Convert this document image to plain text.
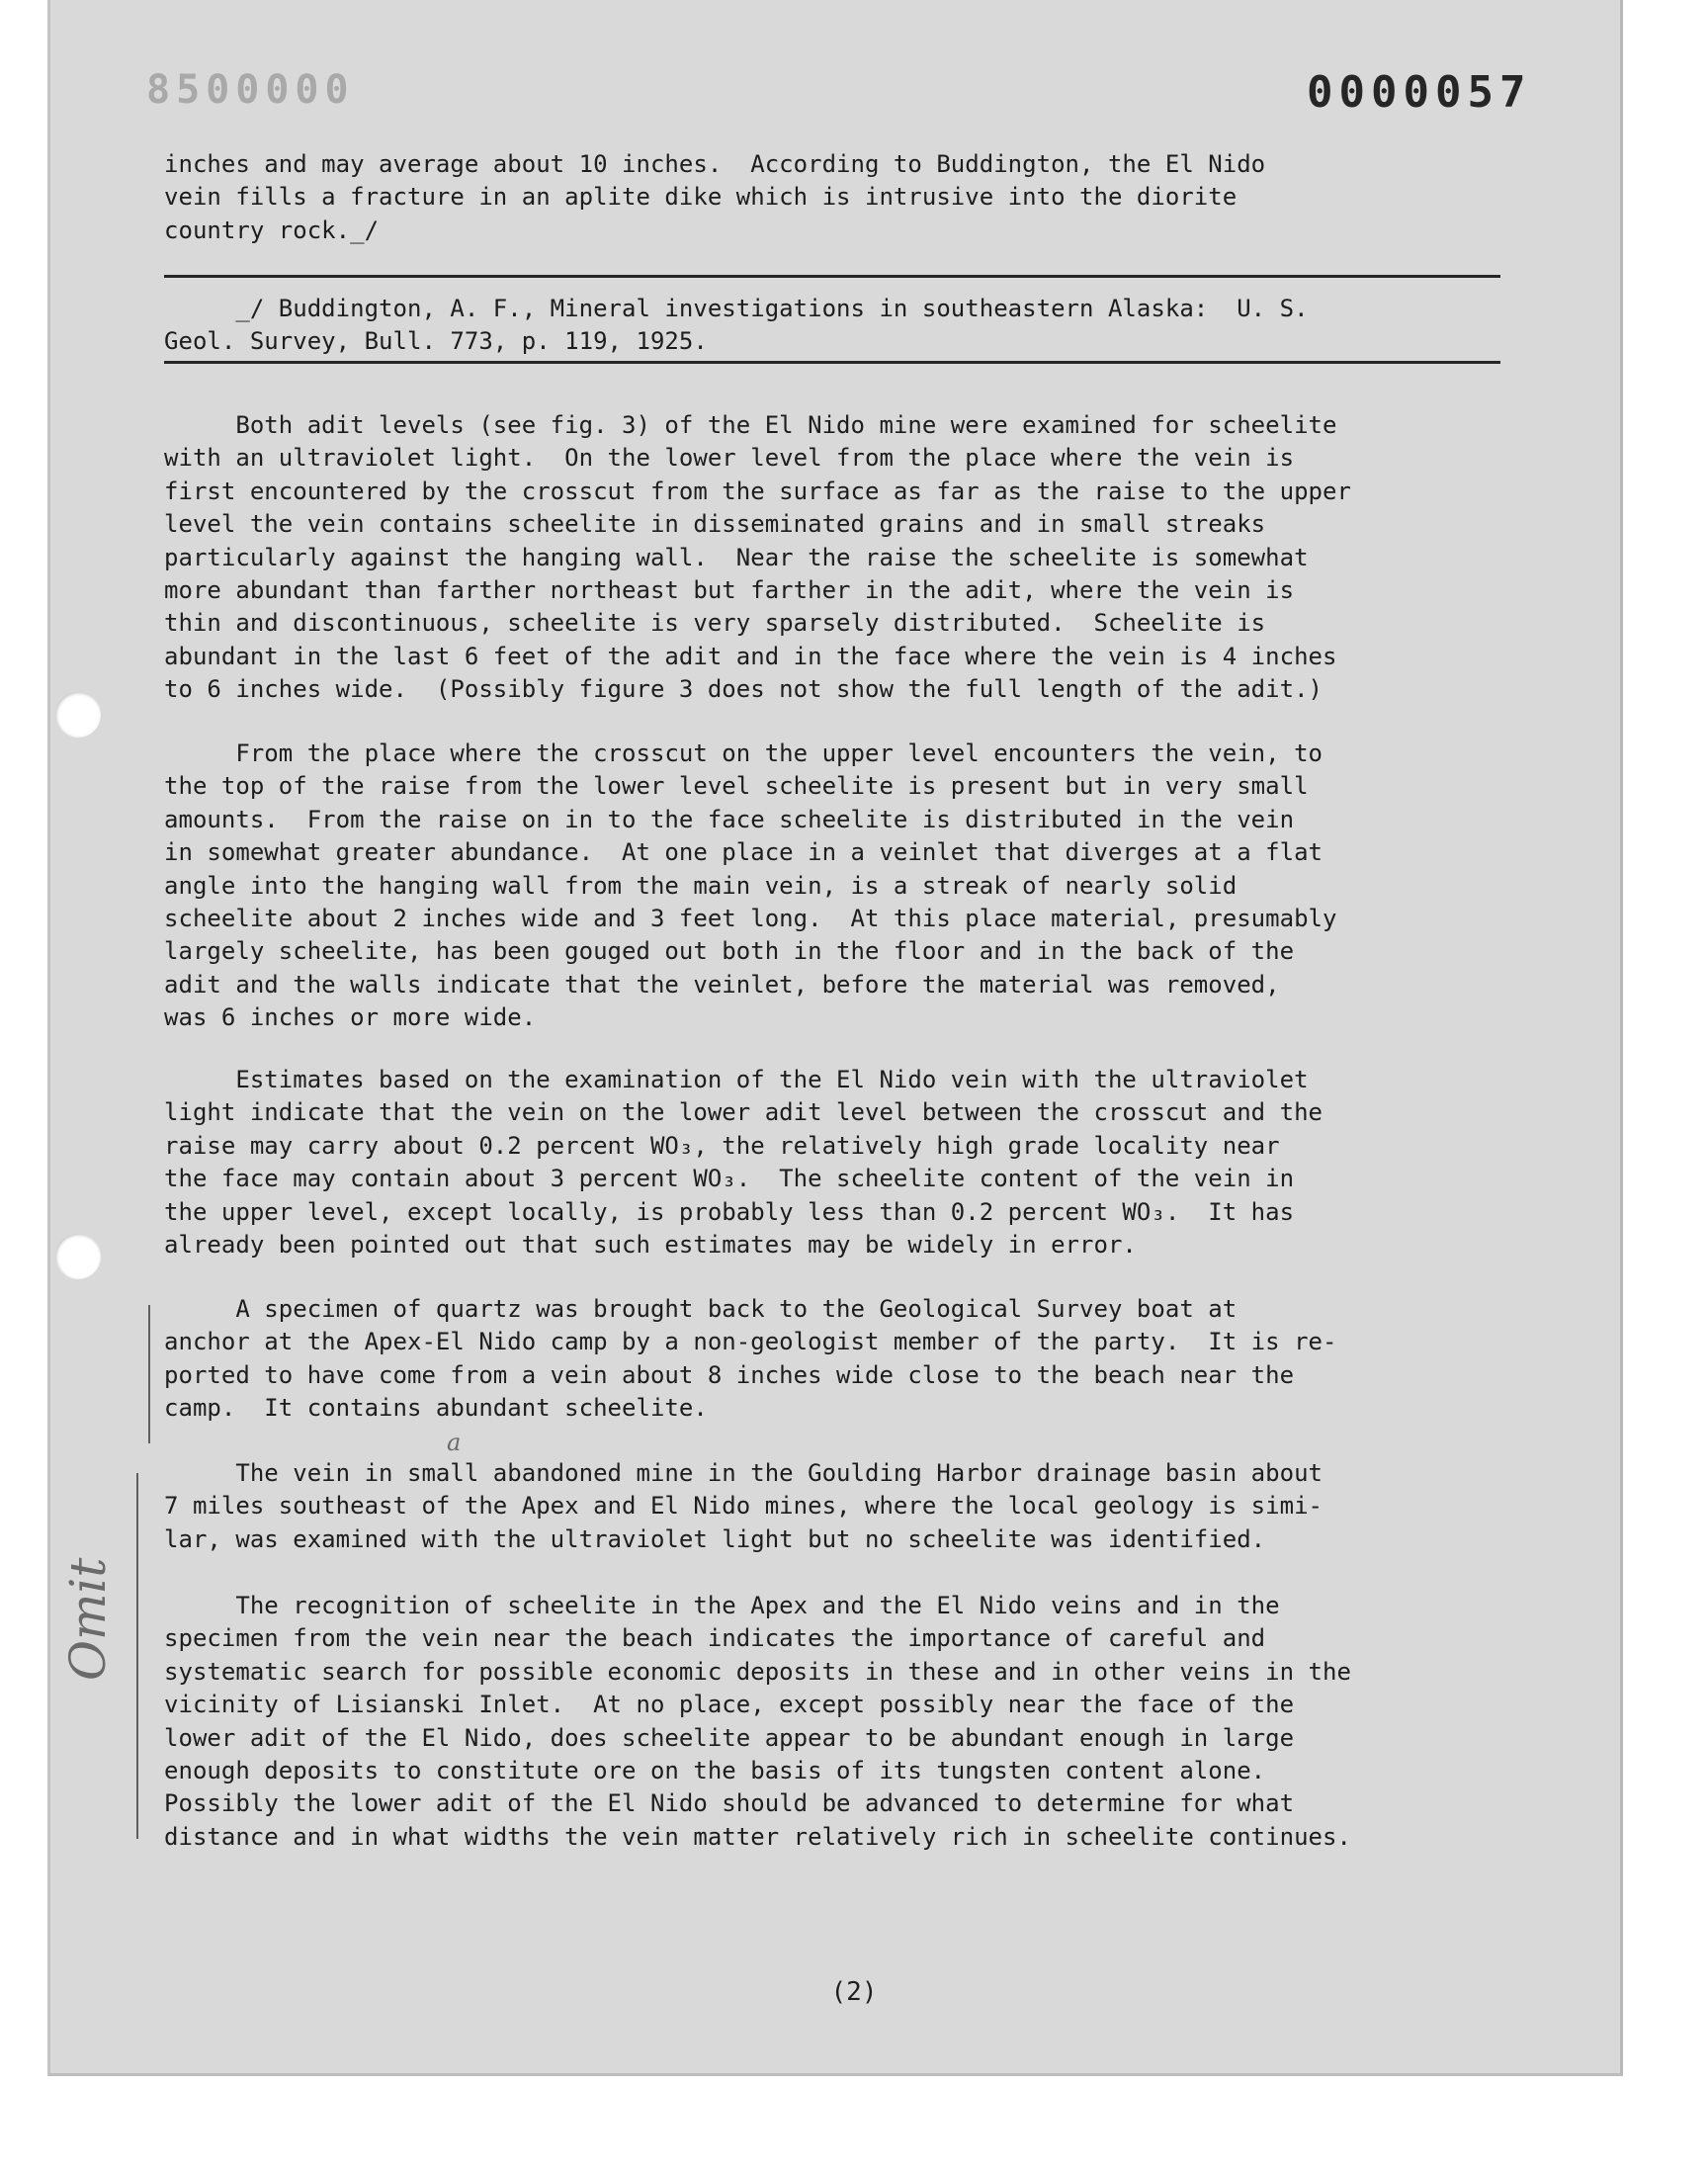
8500000	0000057

inches and may average about 10 inches.  According to Buddington, the El Nido
vein fills a fracture in an aplite dike which is intrusive into the diorite
country rock._/

_/ Buddington, A. F., Mineral investigations in southeastern Alaska:  U. S.
Geol. Survey, Bull. 773, p. 119, 1925.

Both adit levels (see fig. 3) of the El Nido mine were examined for scheelite
with an ultraviolet light.  On the lower level from the place where the vein is
first encountered by the crosscut from the surface as far as the raise to the upper
level the vein contains scheelite in disseminated grains and in small streaks
particularly against the hanging wall.  Near the raise the scheelite is somewhat
more abundant than farther northeast but farther in the adit, where the vein is
thin and discontinuous, scheelite is very sparsely distributed.  Scheelite is
abundant in the last 6 feet of the adit and in the face where the vein is 4 inches
to 6 inches wide.  (Possibly figure 3 does not show the full length of the adit.)

From the place where the crosscut on the upper level encounters the vein, to
the top of the raise from the lower level scheelite is present but in very small
amounts.  From the raise on in to the face scheelite is distributed in the vein
in somewhat greater abundance.  At one place in a veinlet that diverges at a flat
angle into the hanging wall from the main vein, is a streak of nearly solid
scheelite about 2 inches wide and 3 feet long.  At this place material, presumably
largely scheelite, has been gouged out both in the floor and in the back of the
adit and the walls indicate that the veinlet, before the material was removed,
was 6 inches or more wide.

Estimates based on the examination of the El Nido vein with the ultraviolet
light indicate that the vein on the lower adit level between the crosscut and the
raise may carry about 0.2 percent WO₃, the relatively high grade locality near
the face may contain about 3 percent WO₃.  The scheelite content of the vein in
the upper level, except locally, is probably less than 0.2 percent WO₃.  It has
already been pointed out that such estimates may be widely in error.

A specimen of quartz was brought back to the Geological Survey boat at
anchor at the Apex-El Nido camp by a non-geologist member of the party.  It is re-
ported to have come from a vein about 8 inches wide close to the beach near the
camp.  It contains abundant scheelite.

The vein in small abandoned mine in the Goulding Harbor drainage basin about
7 miles southeast of the Apex and El Nido mines, where the local geology is simi-
lar, was examined with the ultraviolet light but no scheelite was identified.

The recognition of scheelite in the Apex and the El Nido veins and in the
specimen from the vein near the beach indicates the importance of careful and
systematic search for possible economic deposits in these and in other veins in the
vicinity of Lisianski Inlet.  At no place, except possibly near the face of the
lower adit of the El Nido, does scheelite appear to be abundant enough in large
enough deposits to constitute ore on the basis of its tungsten content alone.
Possibly the lower adit of the El Nido should be advanced to determine for what
distance and in what widths the vein matter relatively rich in scheelite continues.

Omit
a
(2)
